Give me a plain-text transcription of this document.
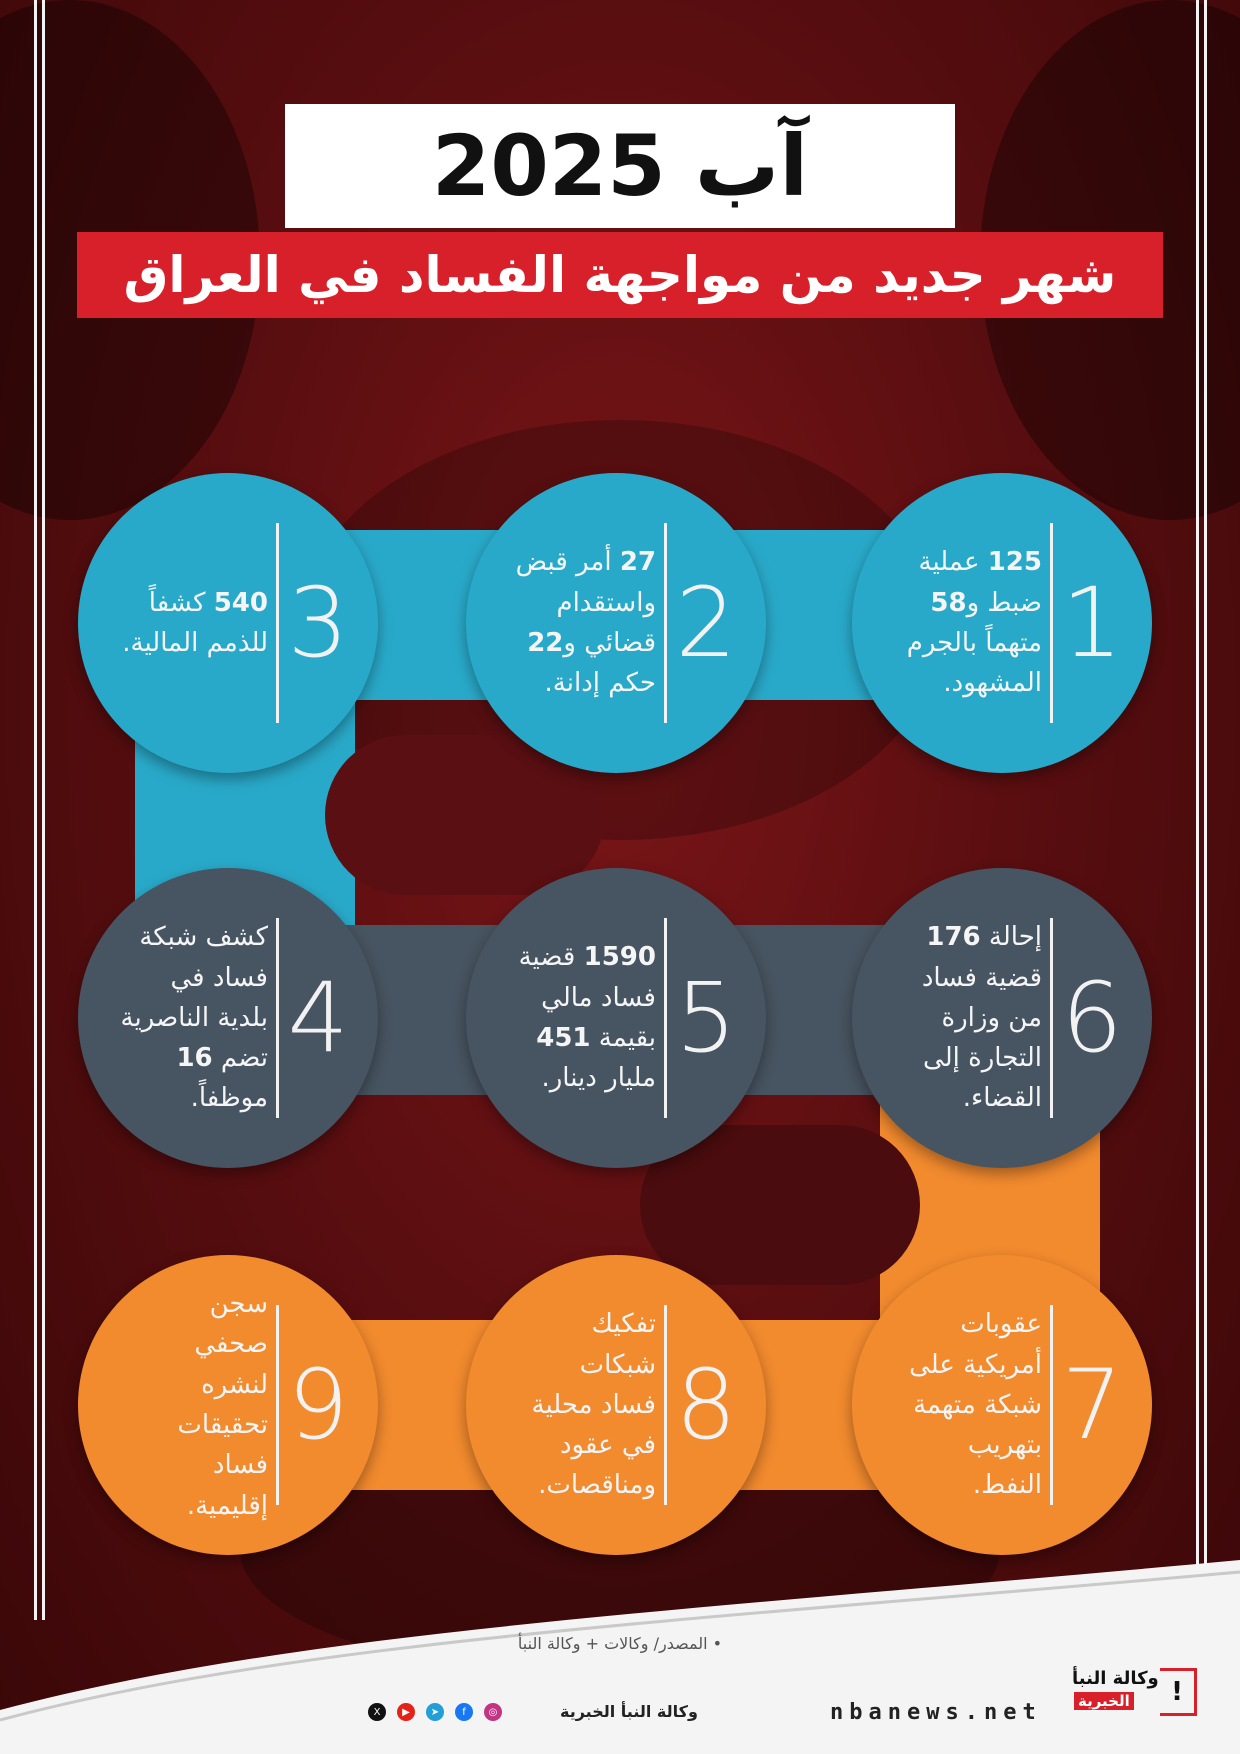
آب 2025
شهر جديد من مواجهة الفساد في العراق
1
125 عملية
ضبط و58
متهماً بالجرم
المشهود.
2
27 أمر قبض
واستقدام
قضائي و22
حكم إدانة.
3
540 كشفاً
للذمم المالية.
6
إحالة 176
قضية فساد
من وزارة
التجارة إلى
القضاء.
5
1590 قضية
فساد مالي
بقيمة 451
مليار دينار.
4
كشف شبكة
فساد في
بلدية الناصرية
تضم 16
موظفاً.
7
عقوبات
أمريكية على
شبكة متهمة
بتهريب
النفط.
8
تفكيك
شبكات
فساد محلية
في عقود
ومناقصات.
9
سجن
صحفي
لنشره
تحقيقات
فساد
إقليمية.
• المصدر/ وكالات + وكالة النبأ
وكالة النبأ
الخبرية	!
nbanews.net
وكالة النبأ الخبرية
◎
f
➤
▶
X
